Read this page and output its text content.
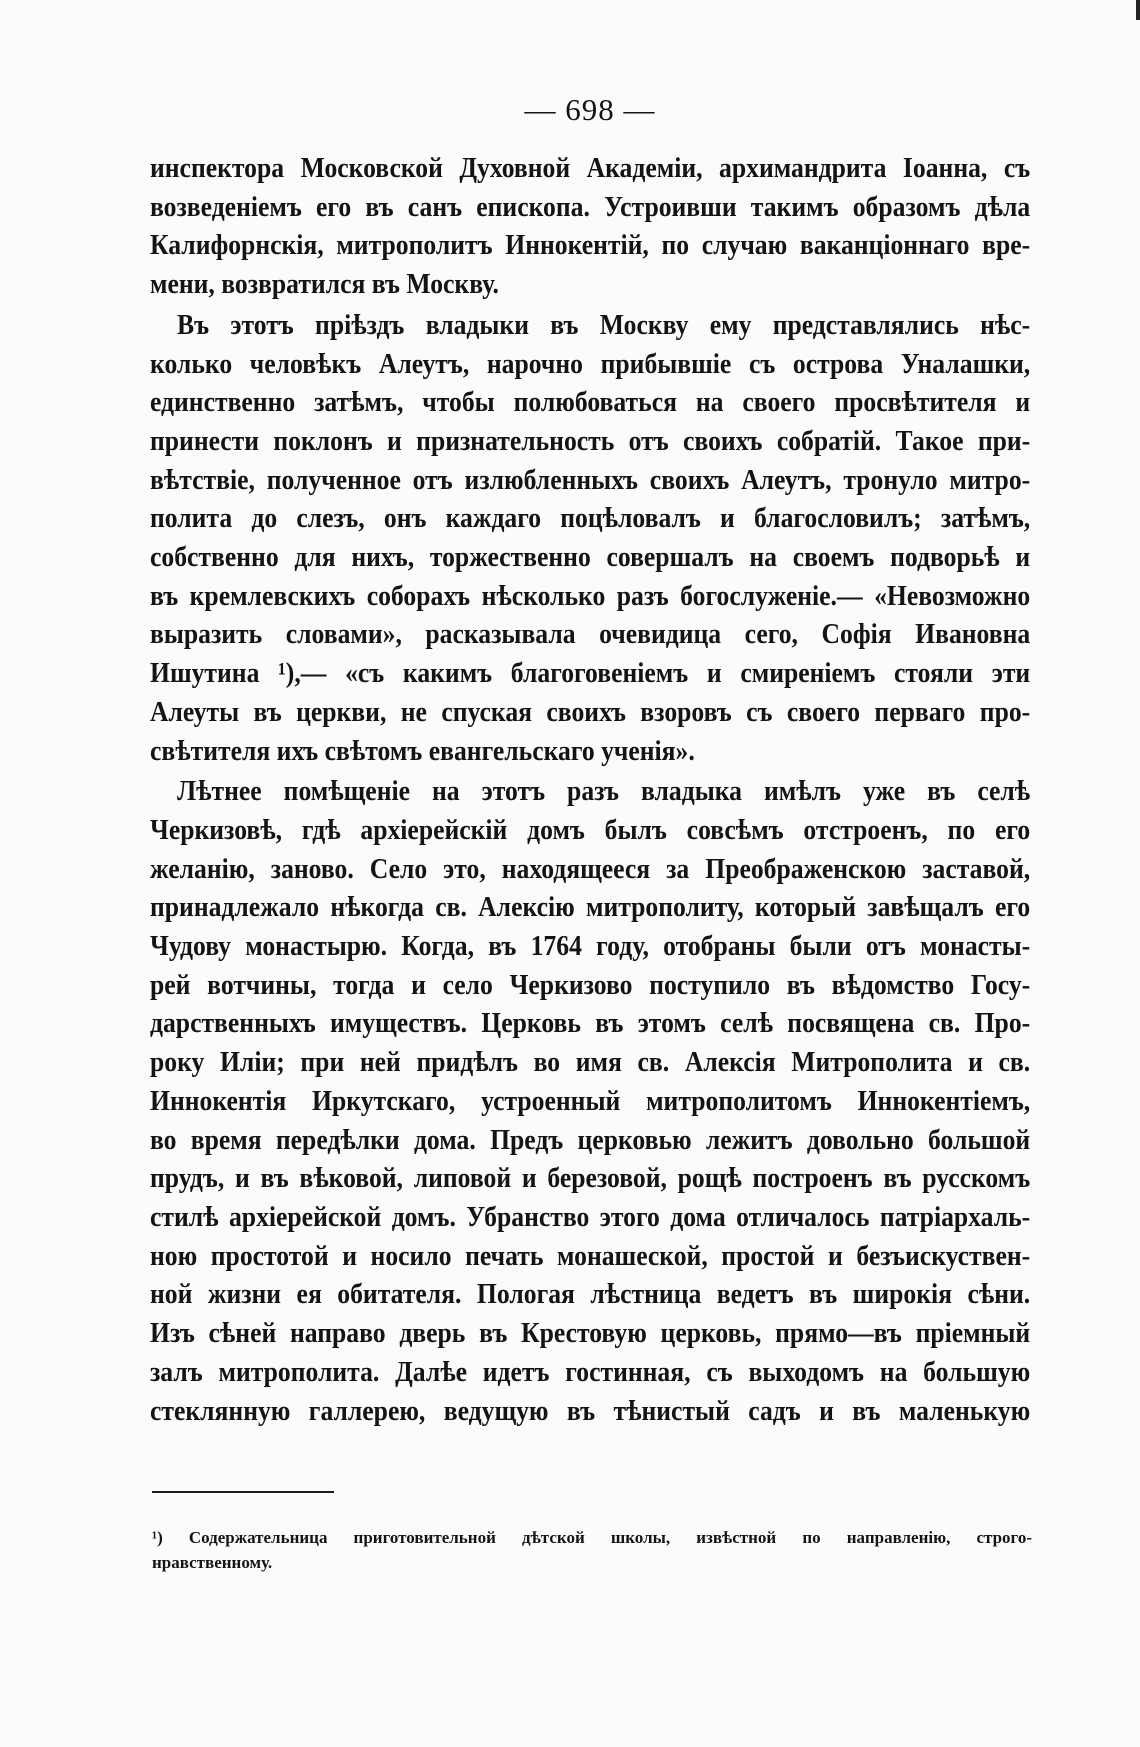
— 698 —
инспектора Московской Духовной Академіи, архимандрита Іоанна, съ
возведеніемъ его въ санъ епископа. Устроивши такимъ образомъ дѣла
Калифорнскія, митрополитъ Иннокентій, по случаю ваканціоннаго вре-
мени, возвратился въ Москву.
Въ этотъ пріѣздъ владыки въ Москву ему представлялись нѣс-
колько человѣкъ Алеутъ, нарочно прибывшіе съ острова Уналашки,
единственно затѣмъ, чтобы полюбоваться на своего просвѣтителя и
принести поклонъ и признательность отъ своихъ собратій. Такое при-
вѣтствіе, полученное отъ излюбленныхъ своихъ Алеутъ, тронуло митро-
полита до слезъ, онъ каждаго поцѣловалъ и благословилъ; затѣмъ,
собственно для нихъ, торжественно совершалъ на своемъ подворьѣ и
въ кремлевскихъ соборахъ нѣсколько разъ богослуженіе.— «Невозможно
выразить словами», расказывала очевидица сего, Софія Ивановна
Ишутина ¹),— «съ какимъ благоговеніемъ и смиреніемъ стояли эти
Алеуты въ церкви, не спуская своихъ взоровъ съ своего перваго про-
свѣтителя ихъ свѣтомъ евангельскаго ученія».
Лѣтнее помѣщеніе на этотъ разъ владыка имѣлъ уже въ селѣ
Черкизовѣ, гдѣ архіерейскій домъ былъ совсѣмъ отстроенъ, по его
желанію, заново. Село это, находящееся за Преображенскою заставой,
принадлежало нѣкогда св. Алексію митрополиту, который завѣщалъ его
Чудову монастырю. Когда, въ 1764 году, отобраны были отъ монасты-
рей вотчины, тогда и село Черкизово поступило въ вѣдомство Госу-
дарственныхъ имуществъ. Церковь въ этомъ селѣ посвящена св. Про-
року Иліи; при ней придѣлъ во имя св. Алексія Митрополита и св.
Иннокентія Иркутскаго, устроенный митрополитомъ Иннокентіемъ,
во время передѣлки дома. Предъ церковью лежитъ довольно большой
прудъ, и въ вѣковой, липовой и березовой, рощѣ построенъ въ русскомъ
стилѣ архіерейской домъ. Убранство этого дома отличалось патріархаль-
ною простотой и носило печать монашеской, простой и безъискуствен-
ной жизни ея обитателя. Пологая лѣстница ведетъ въ широкія сѣни.
Изъ сѣней направо дверь въ Крестовую церковь, прямо—въ пріемный
залъ митрополита. Далѣе идетъ гостинная, съ выходомъ на большую
стеклянную галлерею, ведущую въ тѣнистый садъ и въ маленькую
¹) Содержательница приготовительной дѣтской школы, извѣстной по направленію, строго-
нравственному.
